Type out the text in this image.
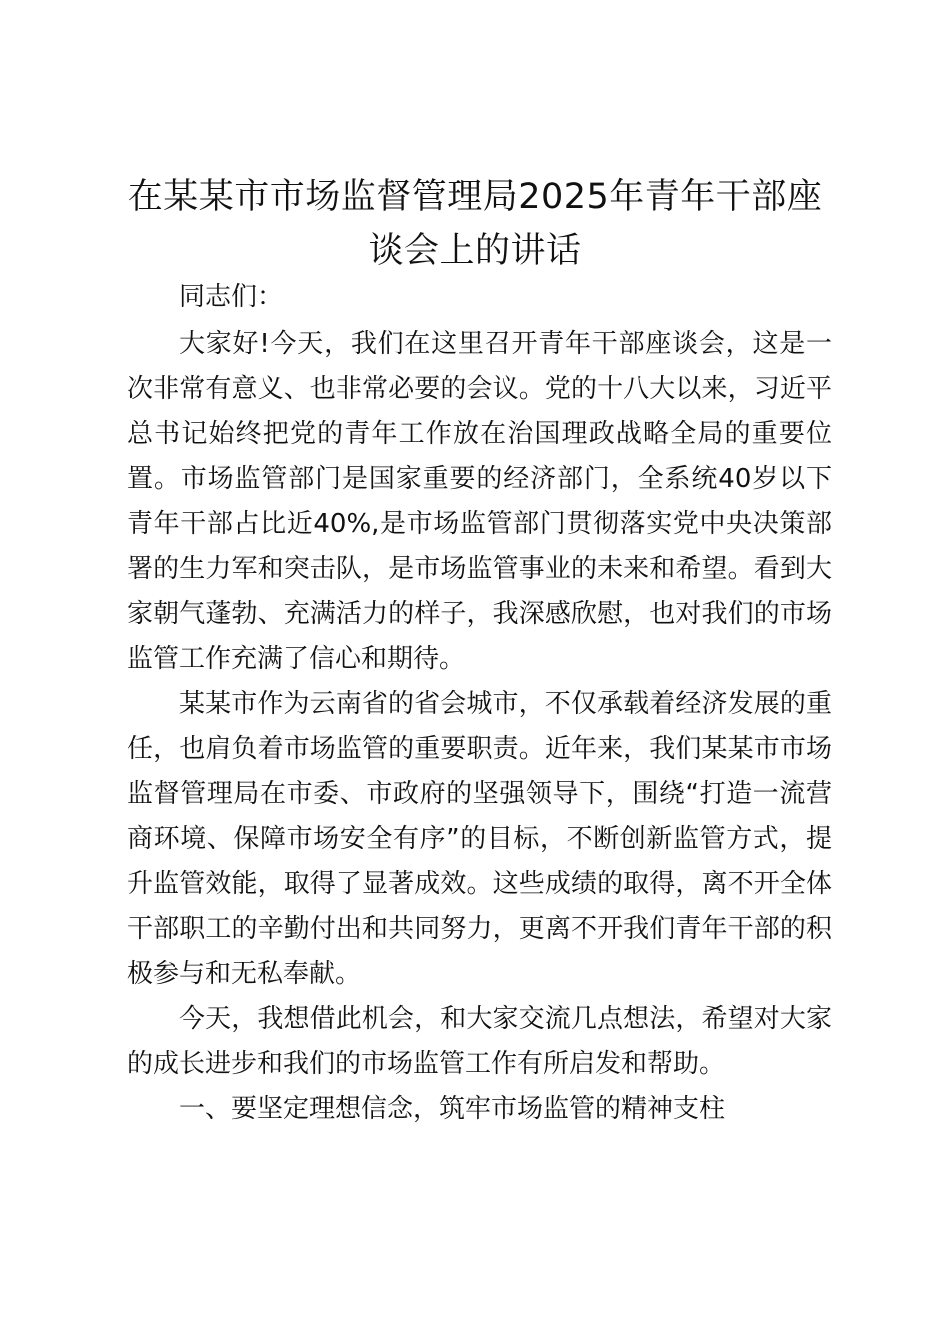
在某某市市场监督管理局2025年青年干部座谈会上的讲话

同志们：

大家好!今天，我们在这里召开青年干部座谈会，这是一次非常有意义、也非常必要的会议。党的十八大以来，习近平总书记始终把党的青年工作放在治国理政战略全局的重要位置。市场监管部门是国家重要的经济部门，全系统40岁以下青年干部占比近40%,是市场监管部门贯彻落实党中央决策部署的生力军和突击队，是市场监管事业的未来和希望。看到大家朝气蓬勃、充满活力的样子，我深感欣慰，也对我们的市场监管工作充满了信心和期待。

某某市作为云南省的省会城市，不仅承载着经济发展的重任，也肩负着市场监管的重要职责。近年来，我们某某市市场监督管理局在市委、市政府的坚强领导下，围绕“打造一流营商环境、保障市场安全有序”的目标，不断创新监管方式，提升监管效能，取得了显著成效。这些成绩的取得，离不开全体干部职工的辛勤付出和共同努力，更离不开我们青年干部的积极参与和无私奉献。

今天，我想借此机会，和大家交流几点想法，希望对大家的成长进步和我们的市场监管工作有所启发和帮助。

一、要坚定理想信念，筑牢市场监管的精神支柱
